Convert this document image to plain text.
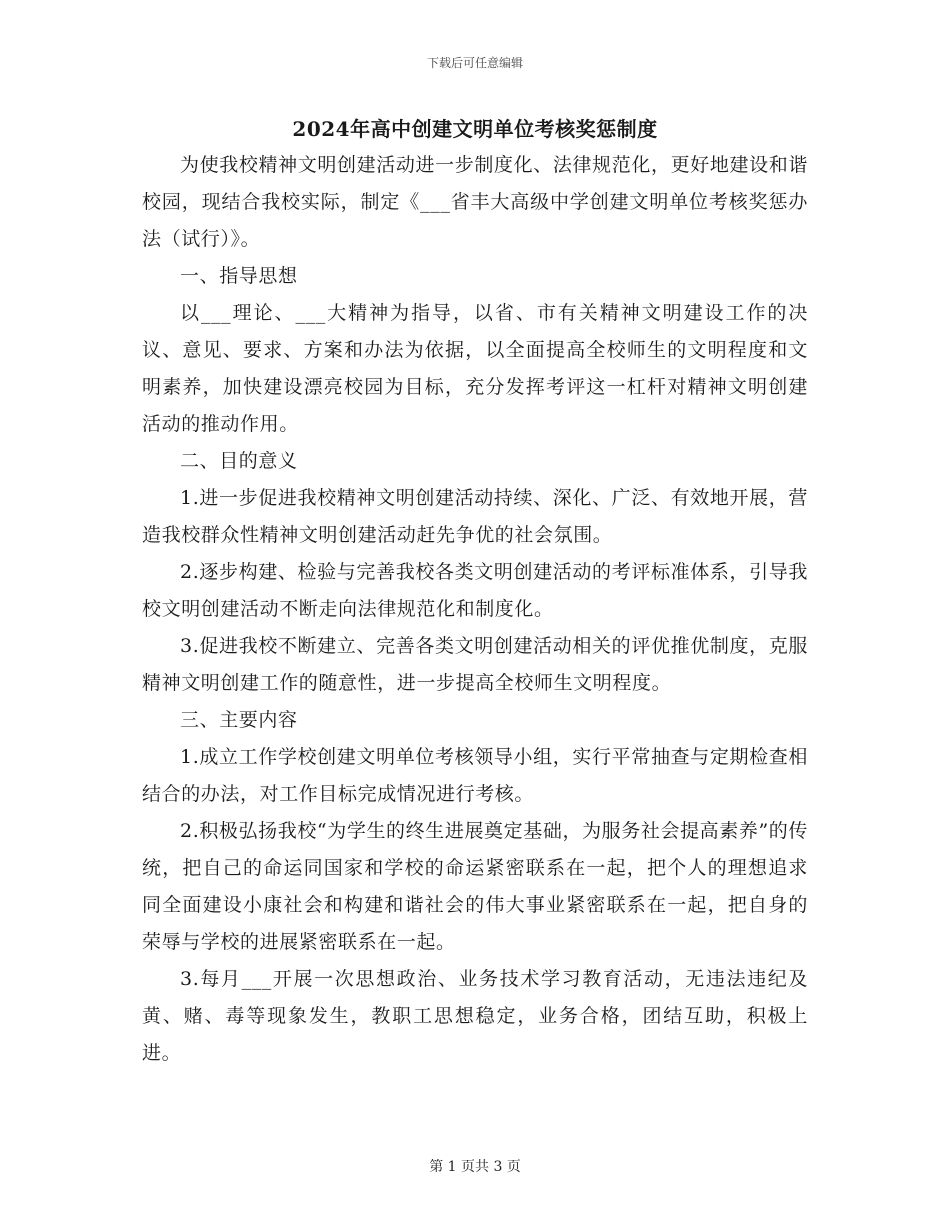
下载后可任意编辑
2024年高中创建文明单位考核奖惩制度

为使我校精神文明创建活动进一步制度化、法律规范化，更好地建设和谐校园，现结合我校实际，制定《___省丰大高级中学创建文明单位考核奖惩办法（试行）》。

一、指导思想

以___理论、___大精神为指导，以省、市有关精神文明建设工作的决议、意见、要求、方案和办法为依据，以全面提高全校师生的文明程度和文明素养，加快建设漂亮校园为目标，充分发挥考评这一杠杆对精神文明创建活动的推动作用。

二、目的意义

1.进一步促进我校精神文明创建活动持续、深化、广泛、有效地开展，营造我校群众性精神文明创建活动赶先争优的社会氛围。

2.逐步构建、检验与完善我校各类文明创建活动的考评标准体系，引导我校文明创建活动不断走向法律规范化和制度化。

3.促进我校不断建立、完善各类文明创建活动相关的评优推优制度，克服精神文明创建工作的随意性，进一步提高全校师生文明程度。

三、主要内容

1.成立工作学校创建文明单位考核领导小组，实行平常抽查与定期检查相结合的办法，对工作目标完成情况进行考核。

2.积极弘扬我校“为学生的终生进展奠定基础，为服务社会提高素养”的传统，把自己的命运同国家和学校的命运紧密联系在一起，把个人的理想追求同全面建设小康社会和构建和谐社会的伟大事业紧密联系在一起，把自身的荣辱与学校的进展紧密联系在一起。

3.每月___开展一次思想政治、业务技术学习教育活动，无违法违纪及黄、赌、毒等现象发生，教职工思想稳定，业务合格，团结互助，积极上进。

第 1 页共 3 页
